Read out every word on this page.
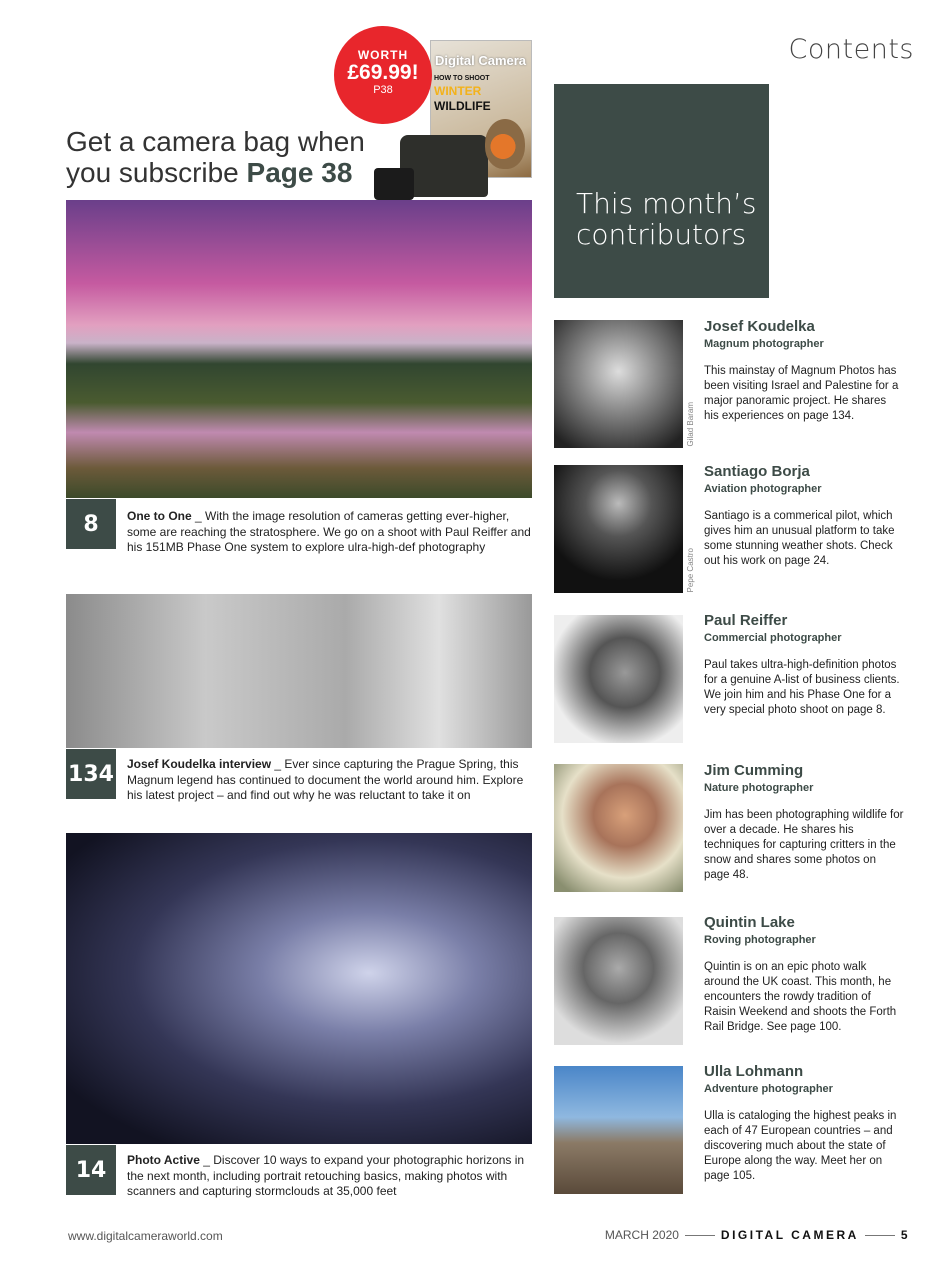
Contents
Digital Camera
HOW TO SHOOT
WINTER
WILDLIFE
WORTH
£69.99!
P38
Get a camera bag when
you subscribe Page 38
8	One to One _ With the image resolution of cameras getting ever-higher, some are reaching the stratosphere. We go on a shoot with Paul Reiffer and his 151MB Phase One system to explore ulra-high-def photography
134 Josef Koudelka interview _ Ever since capturing the Prague Spring, this Magnum legend has continued to document the world around him. Explore his latest project – and find out why he was reluctant to take it on
14	Photo Active _ Discover 10 ways to expand your photographic horizons in the next month, including portrait retouching basics, making photos with scanners and capturing stormclouds at 35,000 feet
This month’s contributors
Gilad Baram
Josef Koudelka
Magnum photographer
This mainstay of Magnum Photos has been visiting Israel and Palestine for a major panoramic project. He shares his experiences on page 134.
Pepe Castro
Santiago Borja
Aviation photographer
Santiago is a commerical pilot, which gives him an unusual platform to take some stunning weather shots. Check out his work on page 24.
Paul Reiffer
Commercial photographer
Paul takes ultra-high-definition photos for a genuine A-list of business clients. We join him and his Phase One for a very special photo shoot on page 8.
Jim Cumming
Nature photographer
Jim has been photographing wildlife for over a decade. He shares his techniques for capturing critters in the snow and shares some photos on page 48.
Quintin Lake
Roving photographer
Quintin is on an epic photo walk around the UK coast. This month, he encounters the rowdy tradition of Raisin Weekend and shoots the Forth Rail Bridge. See page 100.
Ulla Lohmann
Adventure photographer
Ulla is cataloging the highest peaks in each of 47 European countries – and discovering much about the state of Europe along the way. Meet her on page 105.
www.digitalcameraworld.com	MARCH 2020	DIGITAL CAMERA	5
